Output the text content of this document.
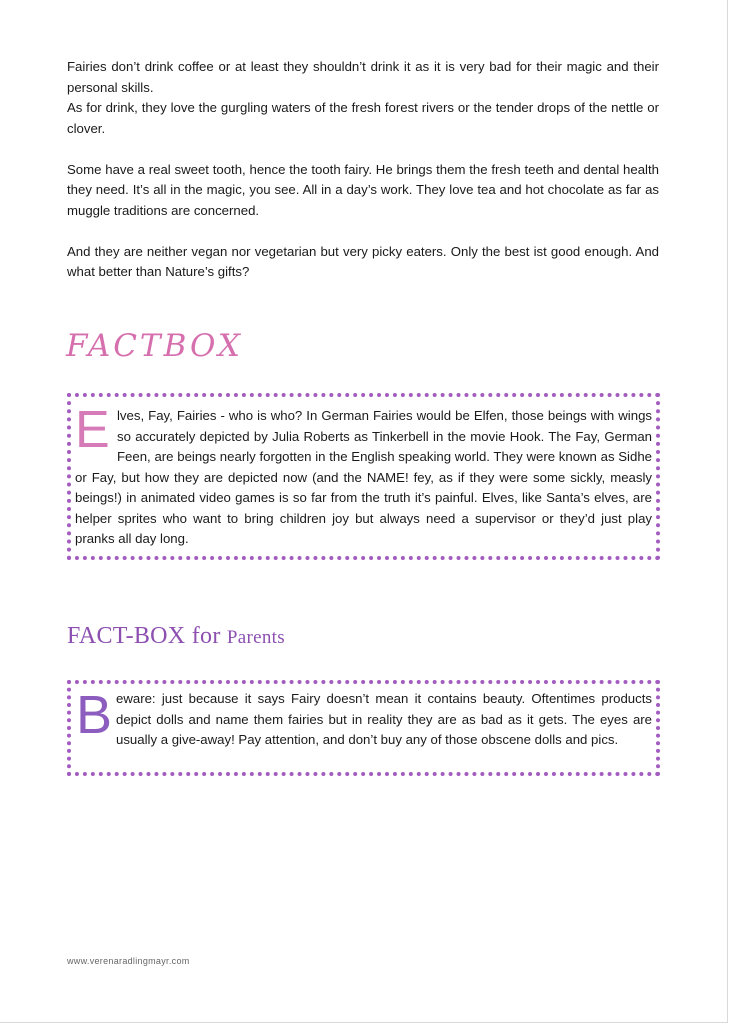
Fairies don’t drink coffee or at least they shouldn’t drink it as it is very bad for their magic and their personal skills.

As for drink, they love the gurgling waters of the fresh forest rivers or the tender drops of the nettle or clover.

Some have a real sweet tooth, hence the tooth fairy. He brings them the fresh teeth and dental health they need. It’s all in the magic, you see. All in a day’s work. They love tea and hot chocolate as far as muggle traditions are concerned.

And they are neither vegan nor vegetarian but very picky eaters. Only the best ist good enough. And what better than Nature’s gifts?

FACTBOX
E lves, Fay, Fairies - who is who? In German Fairies would be Elfen, those beings with wings so accurately depicted by Julia Roberts as Tinkerbell in the movie Hook. The Fay, German Feen, are beings nearly forgotten in the English speaking world. They were known as Sidhe or Fay, but how they are depicted now (and the NAME! fey, as if they were some sickly, measly beings!) in animated video games is so far from the truth it’s painful. Elves, like Santa’s elves, are helper sprites who want to bring children joy but always need a supervisor or they’d just play pranks all day long.
FACT-BOX for Parents
B eware: just because it says Fairy doesn’t mean it contains beauty. Oftentimes products depict dolls and name them fairies but in reality they are as bad as it gets. The eyes are usually a give-away! Pay attention, and don’t buy any of those obscene dolls and pics.
www.verenaradlingmayr.com
